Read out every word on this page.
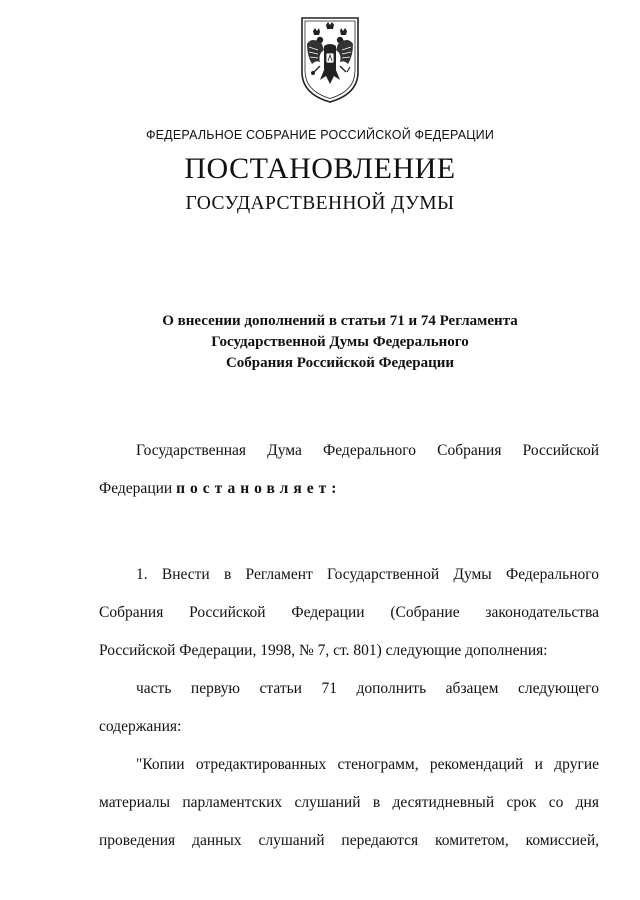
ФЕДЕРАЛЬНОЕ СОБРАНИЕ РОССИЙСКОЙ ФЕДЕРАЦИИ
ПОСТАНОВЛЕНИЕ
ГОСУДАРСТВЕННОЙ ДУМЫ
О внесении дополнений в статьи 71 и 74 Регламента
Государственной Думы Федерального
Собрания Российской Федерации
Государственная Дума Федерального Собрания Российской
Федерации постановляет:
1. Внести в Регламент Государственной Думы Федерального
Собрания Российской Федерации (Собрание законодательства
Российской Федерации, 1998, № 7, ст. 801) следующие дополнения:
часть первую статьи 71 дополнить абзацем следующего
содержания:
"Копии отредактированных стенограмм, рекомендаций и другие
материалы парламентских слушаний в десятидневный срок со дня
проведения данных слушаний передаются комитетом, комиссией,
